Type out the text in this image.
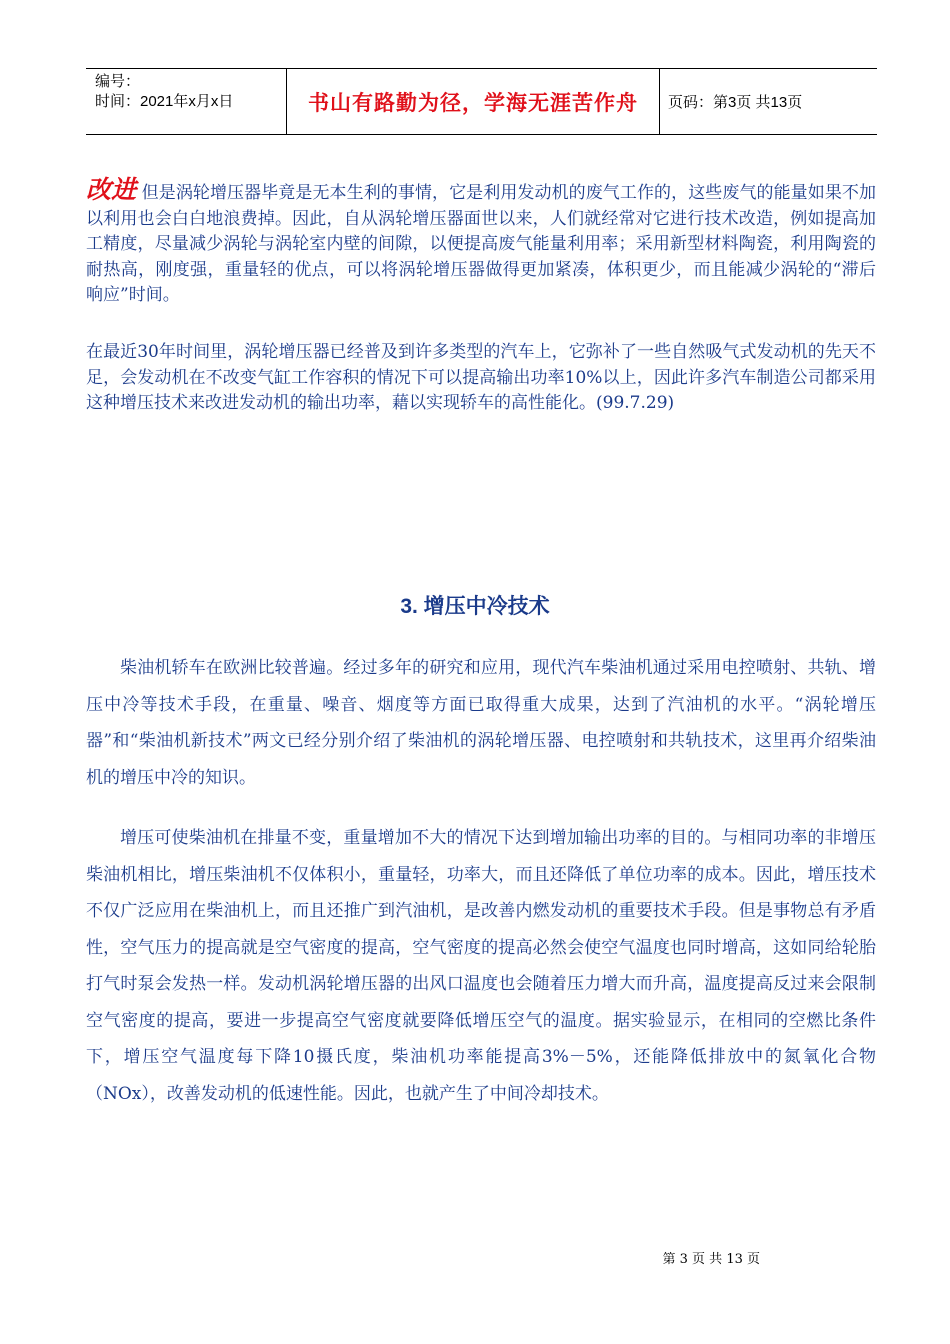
编号：
时间：2021年x月x日	书山有路勤为径，学海无涯苦作舟 页码：第3页 共13页

改进 但是涡轮增压器毕竟是无本生利的事情，它是利用发动机的废气工作的，这些废气的能量如果不加以利用也会白白地浪费掉。因此，自从涡轮增压器面世以来，人们就经常对它进行技术改造，例如提高加工精度，尽量减少涡轮与涡轮室内壁的间隙，以便提高废气能量利用率；采用新型材料陶瓷，利用陶瓷的耐热高，刚度强，重量轻的优点，可以将涡轮增压器做得更加紧凑，体积更少，而且能减少涡轮的“滞后响应”时间。

在最近30年时间里，涡轮增压器已经普及到许多类型的汽车上，它弥补了一些自然吸气式发动机的先天不足，会发动机在不改变气缸工作容积的情况下可以提高输出功率10%以上，因此许多汽车制造公司都采用这种增压技术来改进发动机的输出功率，藉以实现轿车的高性能化。(99.7.29)

3. 增压中冷技术

柴油机轿车在欧洲比较普遍。经过多年的研究和应用，现代汽车柴油机通过采用电控喷射、共轨、增压中冷等技术手段，在重量、噪音、烟度等方面已取得重大成果，达到了汽油机的水平。“涡轮增压器”和“柴油机新技术”两文已经分别介绍了柴油机的涡轮增压器、电控喷射和共轨技术，这里再介绍柴油机的增压中冷的知识。

增压可使柴油机在排量不变，重量增加不大的情况下达到增加输出功率的目的。与相同功率的非增压柴油机相比，增压柴油机不仅体积小，重量轻，功率大，而且还降低了单位功率的成本。因此，增压技术不仅广泛应用在柴油机上，而且还推广到汽油机，是改善内燃发动机的重要技术手段。但是事物总有矛盾性，空气压力的提高就是空气密度的提高，空气密度的提高必然会使空气温度也同时增高，这如同给轮胎打气时泵会发热一样。发动机涡轮增压器的出风口温度也会随着压力增大而升高，温度提高反过来会限制空气密度的提高，要进一步提高空气密度就要降低增压空气的温度。据实验显示，在相同的空燃比条件下，增压空气温度每下降10摄氏度，柴油机功率能提高3%－5%，还能降低排放中的氮氧化合物（NOx），改善发动机的低速性能。因此，也就产生了中间冷却技术。

第 3 页 共 13 页
